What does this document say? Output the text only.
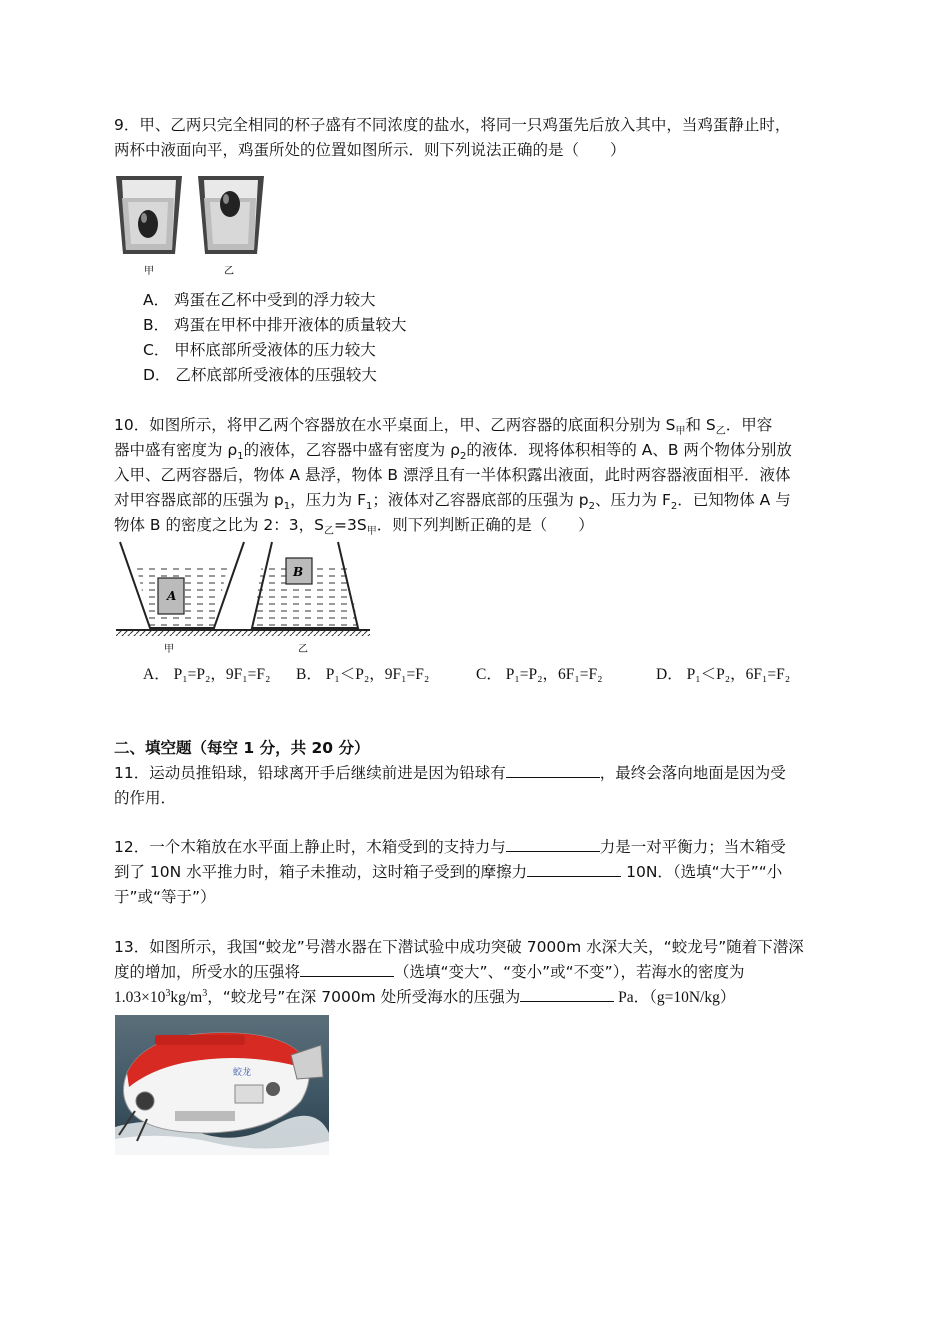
9．甲、乙两只完全相同的杯子盛有不同浓度的盐水，将同一只鸡蛋先后放入其中，当鸡蛋静止时，
两杯中液面向平，鸡蛋所处的位置如图所示．则下列说法正确的是（　　）
甲	乙
A． 鸡蛋在乙杯中受到的浮力较大
B． 鸡蛋在甲杯中排开液体的质量较大
C． 甲杯底部所受液体的压力较大
D． 乙杯底部所受液体的压强较大
10．如图所示，将甲乙两个容器放在水平桌面上，甲、乙两容器的底面积分别为 $S_甲$和 $S_乙$．甲容
器中盛有密度为 $\rho_1$的液体，乙容器中盛有密度为 $\rho_2$的液体．现将体积相等的 A、B 两个物体分别放
入甲、乙两容器后，物体 A 悬浮，物体 B 漂浮且有一半体积露出液面，此时两容器液面相平．液体
对甲容器底部的压强为 $p_1$，压力为 $F_1$；液体对乙容器底部的压强为 $p_2$、压力为 $F_2$．已知物体 A 与
物体 B 的密度之比为 2：3，$S_乙=3S_甲$．则下列判断正确的是（　　）
A
B
甲	乙
A． P₁=P₂，9F₁=F₂ B． P₁＜P₂，9F₁=F₂	C． P₁=P₂，6F₁=F₂	D． P₁＜P₂，6F₁=F₂
二、填空题（每空 1 分，共 20 分）
11．运动员推铅球，铅球离开手后继续前进是因为铅球有	，最终会落向地面是因为受
的作用．
12．一个木箱放在水平面上静止时，木箱受到的支持力与	力是一对平衡力；当木箱受
到了 10N 水平推力时，箱子未推动，这时箱子受到的摩擦力	10N．（选填“大于”“小
于”或“等于”）
13．如图所示，我国“蛟龙”号潜水器在下潜试验中成功突破 7000m 水深大关，“蛟龙号”随着下潜深
度的增加，所受水的压强将	（选填“变大”、“变小”或“不变”），若海水的密度为
$1.03\times 10^3kg/m^3$，“蛟龙号”在深 7000m 处所受海水的压强为	Pa．（g=10N/kg）
蛟龙
